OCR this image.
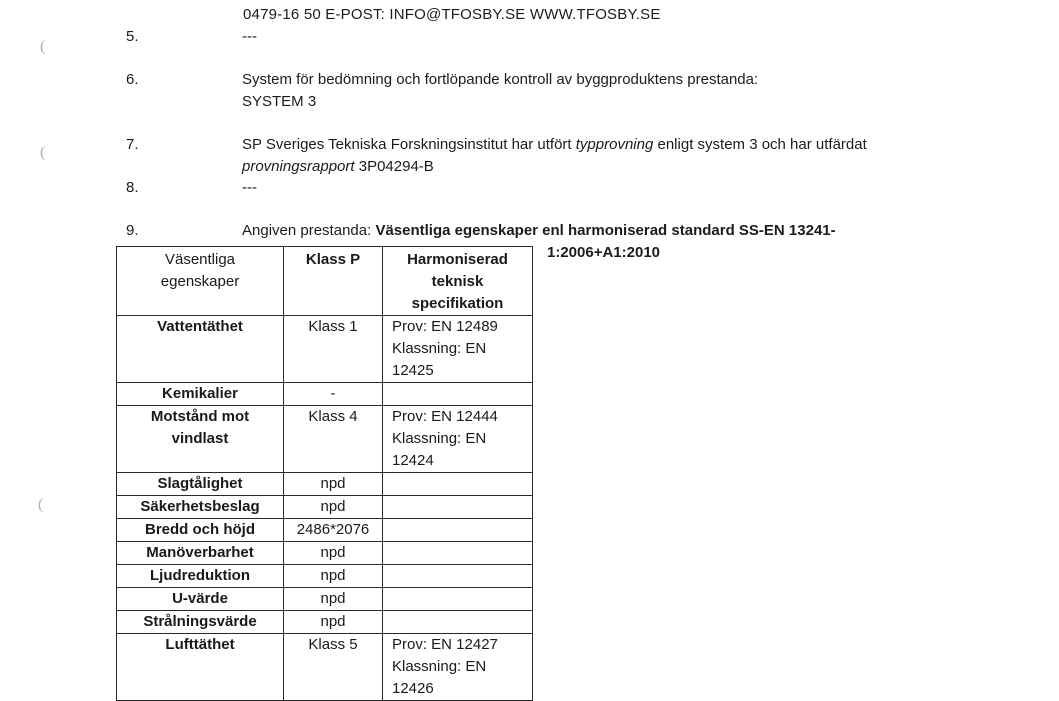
(
(
(
0479-16 50 E-POST: INFO@TFOSBY.SE WWW.TFOSBY.SE
5.	---
6.	System för bedömning och fortlöpande kontroll av byggproduktens prestanda:
SYSTEM 3
7.	SP Sveriges Tekniska Forskningsinstitut har utfört typprovning enligt system 3 och har utfärdat
provningsrapport 3P04294-B
8.	---
9.	Angiven prestanda: Väsentliga egenskaper enl harmoniserad standard SS-EN 13241-
1:2006+A1:2010
Väsentliga
egenskaper	Klass P	Harmoniserad
teknisk
specifikation

Vattentäthet	Klass 1	Prov: EN 12489
Klassning: EN
12425

Kemikalier	-	

Motstånd mot
vindlast	Klass 4	Prov: EN 12444
Klassning: EN
12424

Slagtålighet	npd	

Säkerhetsbeslag	npd	

Bredd och höjd	2486*2076	

Manöverbarhet	npd	

Ljudreduktion	npd	

U-värde	npd	

Strålningsvärde	npd	

Lufttäthet	Klass 5	Prov: EN 12427
Klassning: EN
12426
